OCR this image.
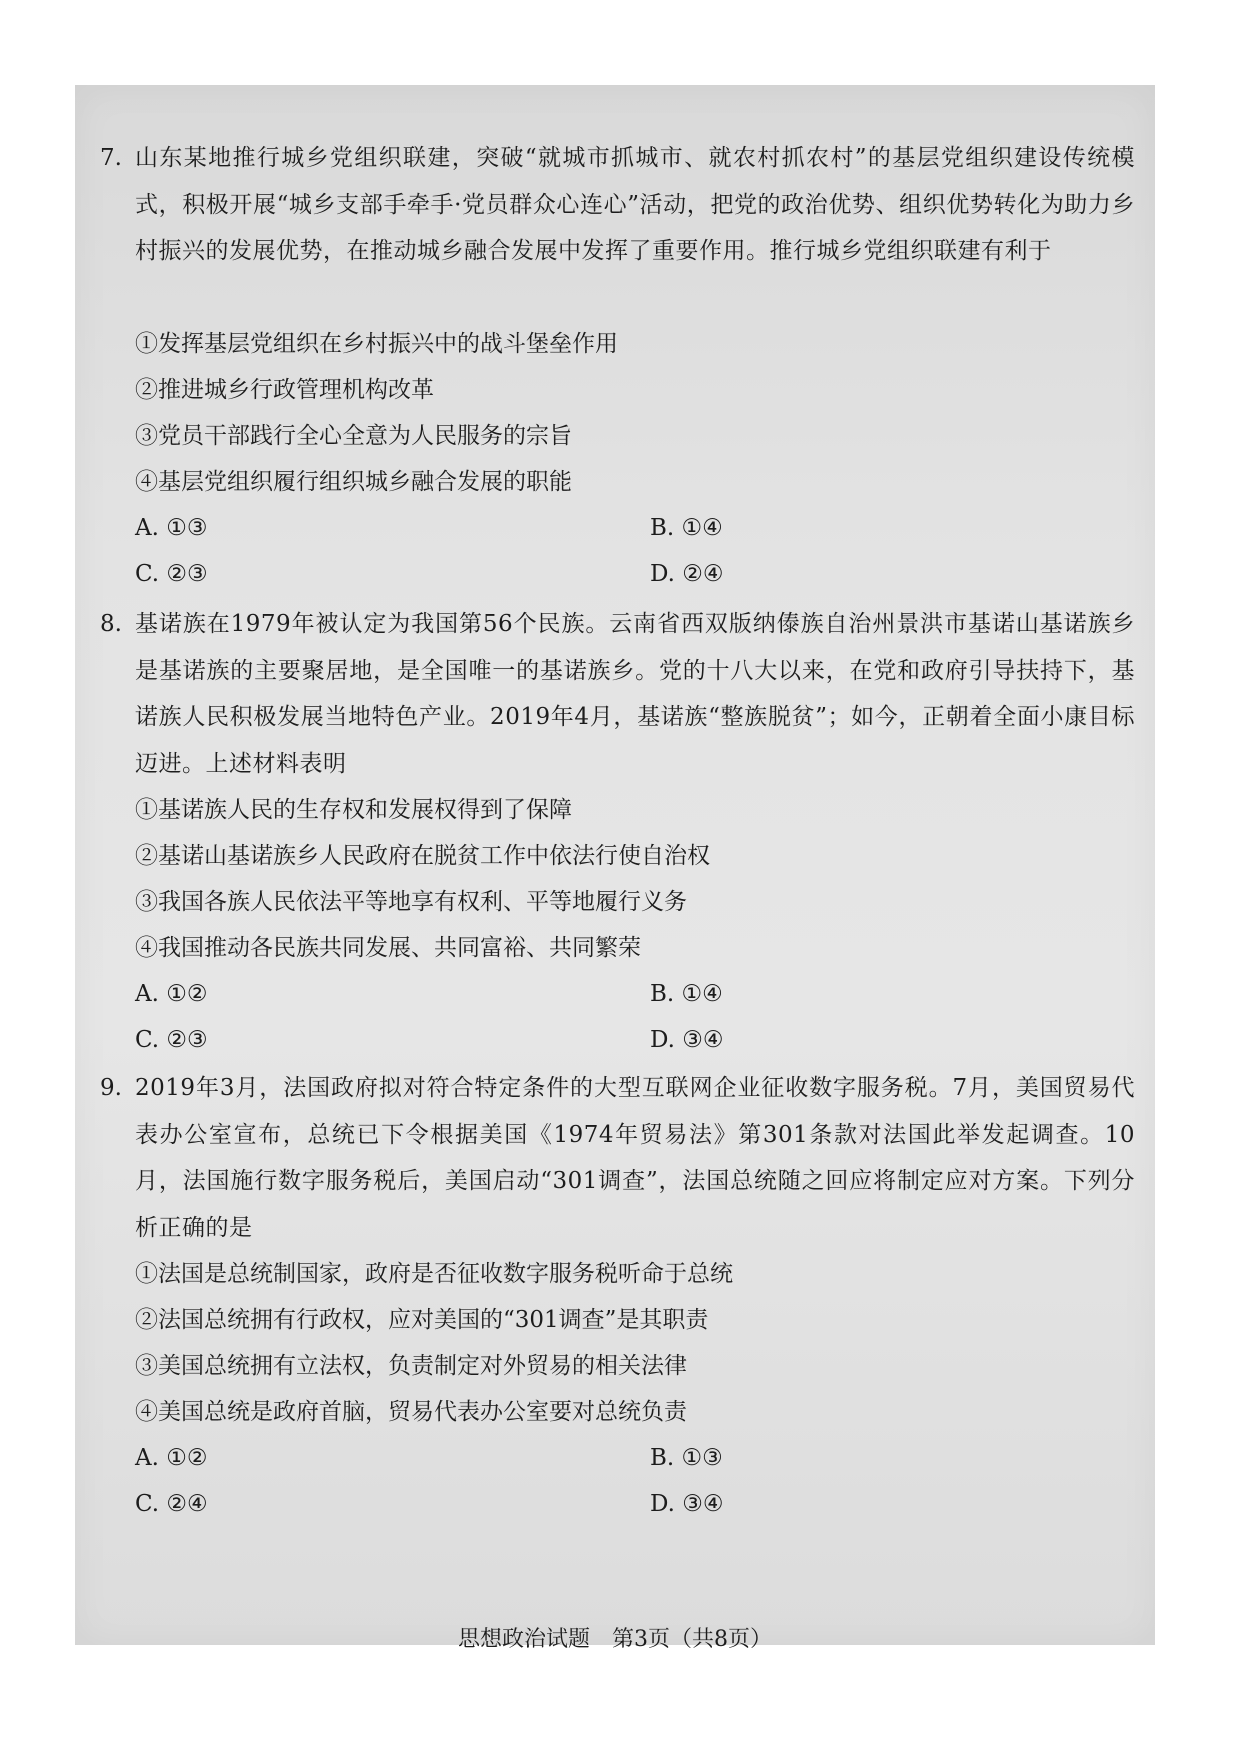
7. 山东某地推行城乡党组织联建，突破“就城市抓城市、就农村抓农村”的基层党组织建设传统模式，积极开展“城乡支部手牵手·党员群众心连心”活动，把党的政治优势、组织优势转化为助力乡村振兴的发展优势，在推动城乡融合发展中发挥了重要作用。推行城乡党组织联建有利于
①发挥基层党组织在乡村振兴中的战斗堡垒作用
②推进城乡行政管理机构改革
③党员干部践行全心全意为人民服务的宗旨
④基层党组织履行组织城乡融合发展的职能
A. ①③	B. ①④
C. ②③	D. ②④
8. 基诺族在1979年被认定为我国第56个民族。云南省西双版纳傣族自治州景洪市基诺山基诺族乡是基诺族的主要聚居地，是全国唯一的基诺族乡。党的十八大以来，在党和政府引导扶持下，基诺族人民积极发展当地特色产业。2019年4月，基诺族“整族脱贫”；如今，正朝着全面小康目标迈进。上述材料表明
①基诺族人民的生存权和发展权得到了保障
②基诺山基诺族乡人民政府在脱贫工作中依法行使自治权
③我国各族人民依法平等地享有权利、平等地履行义务
④我国推动各民族共同发展、共同富裕、共同繁荣
A. ①②	B. ①④
C. ②③	D. ③④
9. 2019年3月，法国政府拟对符合特定条件的大型互联网企业征收数字服务税。7月，美国贸易代表办公室宣布，总统已下令根据美国《1974年贸易法》第301条款对法国此举发起调查。10月，法国施行数字服务税后，美国启动“301调查”，法国总统随之回应将制定应对方案。下列分析正确的是
①法国是总统制国家，政府是否征收数字服务税听命于总统
②法国总统拥有行政权，应对美国的“301调查”是其职责
③美国总统拥有立法权，负责制定对外贸易的相关法律
④美国总统是政府首脑，贸易代表办公室要对总统负责
A. ①②	B. ①③
C. ②④	D. ③④
思想政治试题　第3页（共8页）
